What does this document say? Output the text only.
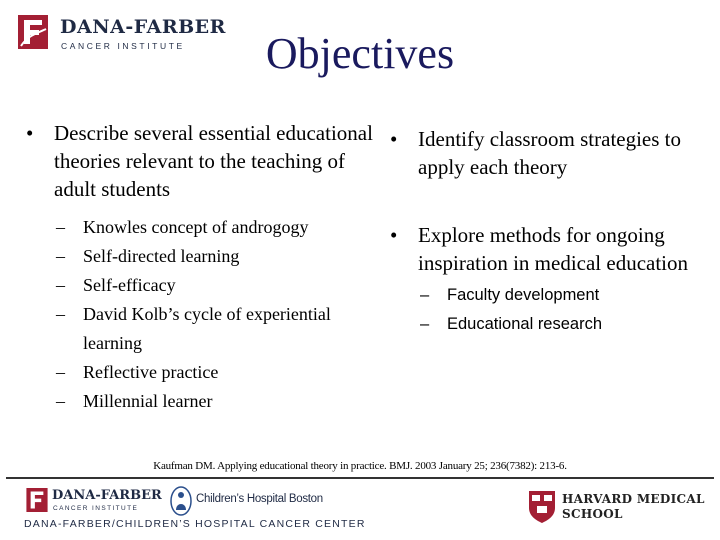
DANA-FARBER
CANCER INSTITUTE	Objectives

• Describe several essential educational theories relevant to the teaching of adult students

– Knowles concept of androgogy
– Self-directed learning
– Self-efficacy
– David Kolb’s cycle of experiential learning
– Reflective practice
– Millennial learner

• Identify classroom strategies to apply each theory

• Explore methods for ongoing inspiration in medical education

– Faculty development
– Educational research
Kaufman DM. Applying educational theory in practice. BMJ. 2003 January 25; 236(7382): 213-6.
DANA-FARBER
CANCER INSTITUTE
Children’s Hospital Boston
DANA-FARBER/CHILDREN’S HOSPITAL CANCER CENTER
HARVARD MEDICAL
SCHOOL
